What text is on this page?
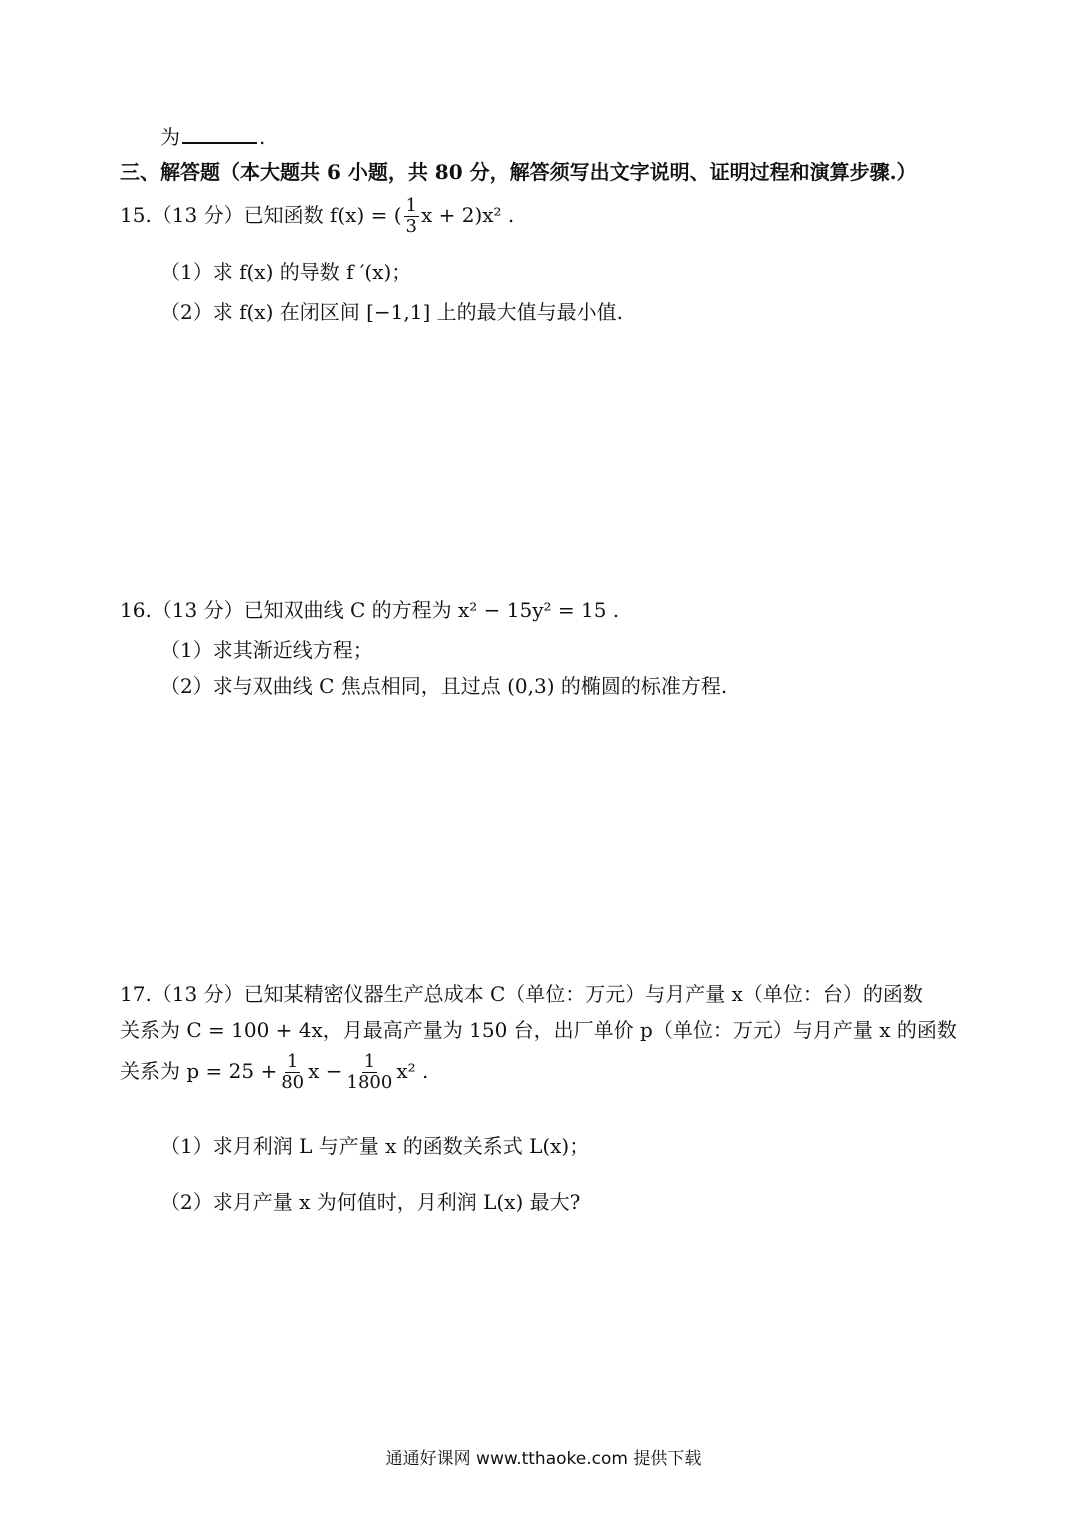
为	.
三、解答题（本大题共 6 小题，共 80 分，解答须写出文字说明、证明过程和演算步骤.）
15.（13 分）已知函数 f(x) = ( $\frac{1}{3}$ x + 2)x² .
（1）求 f(x) 的导数 f ′(x)；
（2）求 f(x) 在闭区间 [−1,1] 上的最大值与最小值.
16.（13 分）已知双曲线 C 的方程为 x² − 15y² = 15 .
（1）求其渐近线方程；
（2）求与双曲线 C 焦点相同，且过点 (0,3) 的椭圆的标准方程.
17.（13 分）已知某精密仪器生产总成本 C（单位：万元）与月产量 x（单位：台）的函数
关系为 C = 100 + 4x，月最高产量为 150 台，出厂单价 p（单位：万元）与月产量 x 的函数
关系为 $p = 25 + \frac{1}{80}$ $x - \frac{1}{1800} x^2$ .
（1）求月利润 L 与产量 x 的函数关系式 L(x)；
（2）求月产量 x 为何值时，月利润 L(x) 最大?
通通好课网 www.tthaoke.com 提供下载
